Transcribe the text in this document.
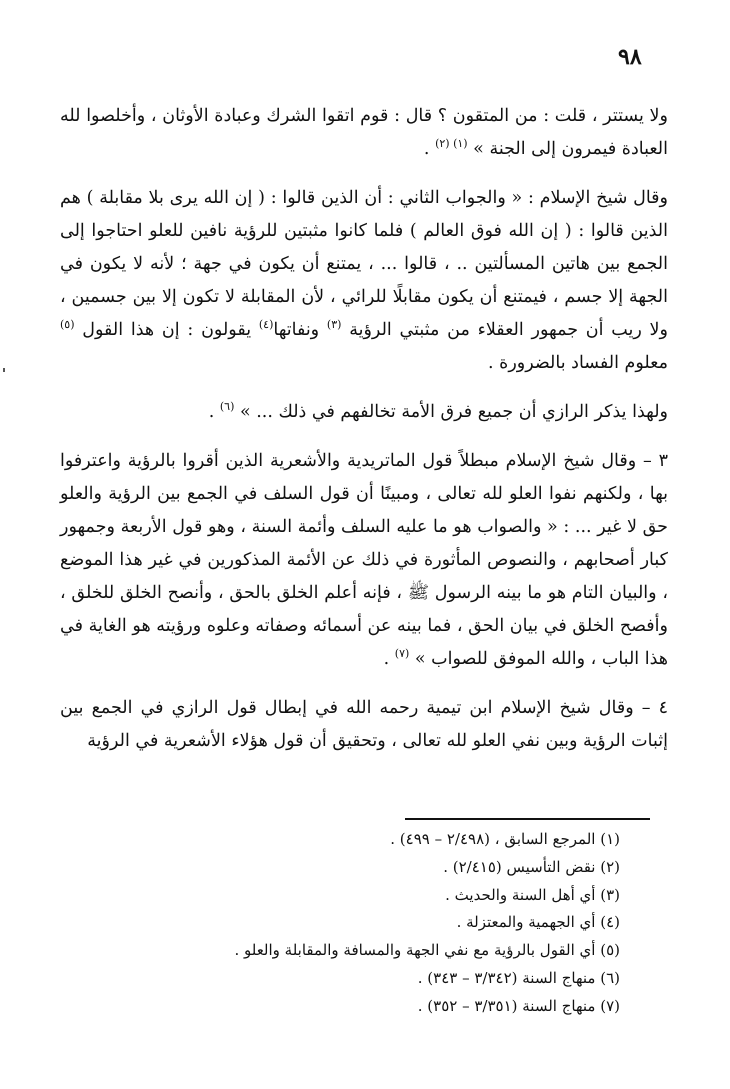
٩٨

ولا يستتر ، قلت : من المتقون ؟ قال : قوم اتقوا الشرك وعبادة الأوثان ، وأخلصوا لله العبادة فيمرون إلى الجنة » $^{(١) (٢)}$ .

وقال شيخ الإسلام : « والجواب الثاني : أن الذين قالوا : ( إن الله يرى بلا مقابلة ) هم الذين قالوا : ( إن الله فوق العالم ) فلما كانوا مثبتين للرؤية نافين للعلو احتاجوا إلى الجمع بين هاتين المسألتين .. ، قالوا ... ، يمتنع أن يكون في جهة ؛ لأنه لا يكون في الجهة إلا جسم ، فيمتنع أن يكون مقابلًا للرائي ، لأن المقابلة لا تكون إلا بين جسمين ، ولا ريب أن جمهور العقلاء من مثبتي الرؤية $^{(٣)}$ ونفاتها$^{(٤)}$ يقولون : إن هذا القول $^{(٥)}$ معلوم الفساد بالضرورة .

ولهذا يذكر الرازي أن جميع فرق الأمة تخالفهم في ذلك ... » $^{(٦)}$ .

٣ – وقال شيخ الإسلام مبطلاً قول الماتريدية والأشعرية الذين أقروا بالرؤية واعترفوا بها ، ولكنهم نفوا العلو لله تعالى ، ومبينًا أن قول السلف في الجمع بين الرؤية والعلو حق لا غير ... : « والصواب هو ما عليه السلف وأئمة السنة ، وهو قول الأربعة وجمهور كبار أصحابهم ، والنصوص المأثورة في ذلك عن الأئمة المذكورين في غير هذا الموضع ، والبيان التام هو ما بينه الرسول ﷺ ، فإنه أعلم الخلق بالحق ، وأنصح الخلق للخلق ، وأفصح الخلق في بيان الحق ، فما بينه عن أسمائه وصفاته وعلوه ورؤيته هو الغاية في هذا الباب ، والله الموفق للصواب » $^{(٧)}$ .

٤ – وقال شيخ الإسلام ابن تيمية رحمه الله في إبطال قول الرازي في الجمع بين إثبات الرؤية وبين نفي العلو لله تعالى ، وتحقيق أن قول هؤلاء الأشعرية في الرؤية

(١) المرجع السابق ، (٢/٤٩٨ – ٤٩٩) .
(٢) نقض التأسيس (٢/٤١٥) .
(٣) أي أهل السنة والحديث .
(٤) أي الجهمية والمعتزلة .
(٥) أي القول بالرؤية مع نفي الجهة والمسافة والمقابلة والعلو .
(٦) منهاج السنة (٣/٣٤٢ – ٣٤٣) .
(٧) منهاج السنة (٣/٣٥١ – ٣٥٢) .
